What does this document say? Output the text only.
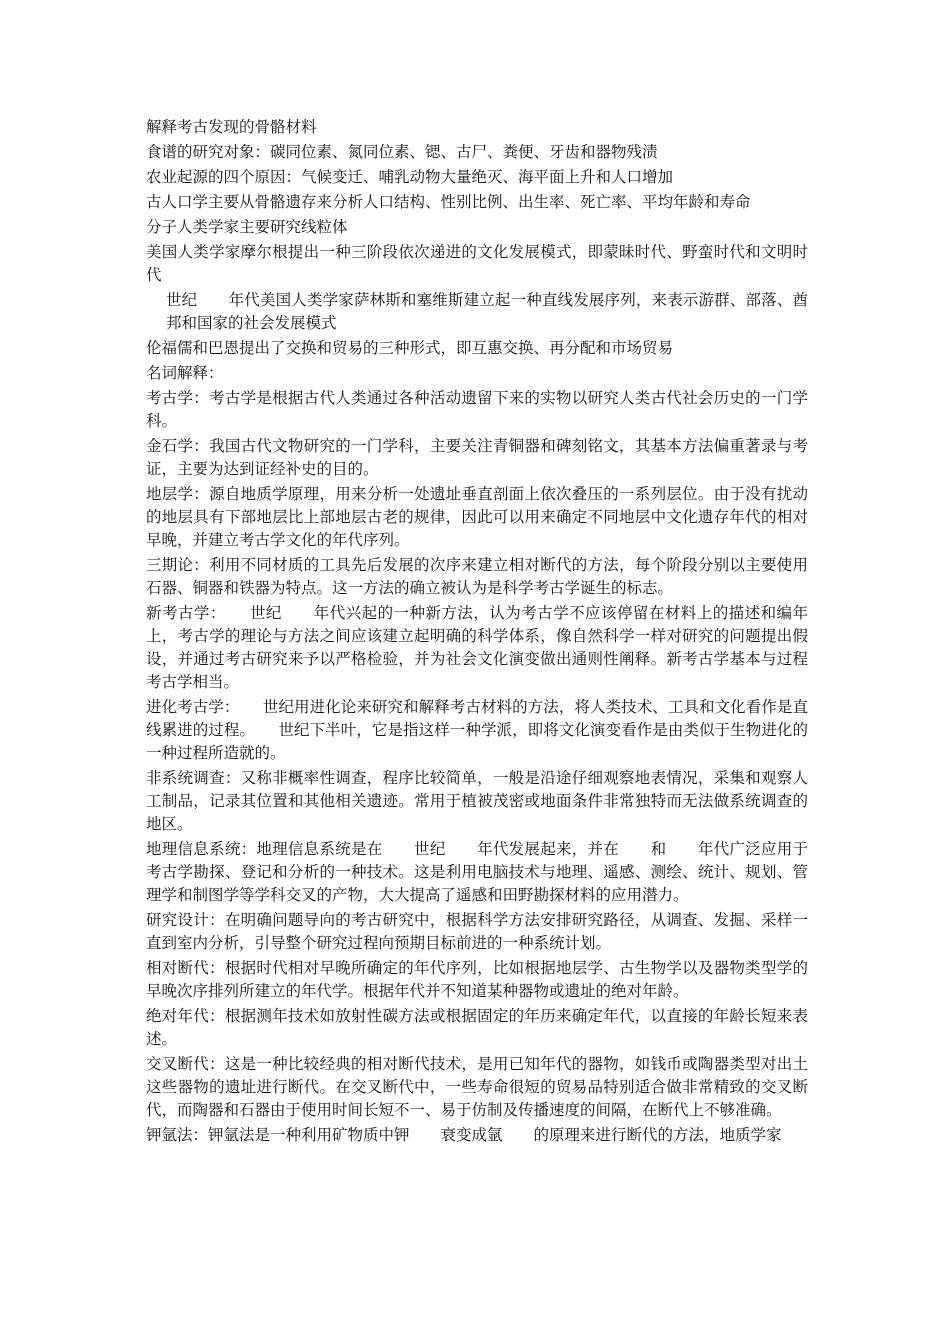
解释考古发现的骨骼材料

食谱的研究对象：碳同位素、氮同位素、锶、古尸、粪便、牙齿和器物残渍

农业起源的四个原因：气候变迁、哺乳动物大量绝灭、海平面上升和人口增加

古人口学主要从骨骼遗存来分析人口结构、性别比例、出生率、死亡率、平均年龄和寿命

分子人类学家主要研究线粒体

美国人类学家摩尔根提出一种三阶段依次递进的文化发展模式，即蒙昧时代、野蛮时代和文明时代

世纪　　年代美国人类学家萨林斯和塞维斯建立起一种直线发展序列，来表示游群、部落、酋邦和国家的社会发展模式

伦福儒和巴恩提出了交换和贸易的三种形式，即互惠交换、再分配和市场贸易

名词解释：

考古学：考古学是根据古代人类通过各种活动遗留下来的实物以研究人类古代社会历史的一门学科。

金石学：我国古代文物研究的一门学科，主要关注青铜器和碑刻铭文，其基本方法偏重著录与考证，主要为达到证经补史的目的。

地层学：源自地质学原理，用来分析一处遗址垂直剖面上依次叠压的一系列层位。由于没有扰动的地层具有下部地层比上部地层古老的规律，因此可以用来确定不同地层中文化遗存年代的相对早晚，并建立考古学文化的年代序列。

三期论：利用不同材质的工具先后发展的次序来建立相对断代的方法，每个阶段分别以主要使用石器、铜器和铁器为特点。这一方法的确立被认为是科学考古学诞生的标志。

新考古学：　　世纪　　年代兴起的一种新方法，认为考古学不应该停留在材料上的描述和编年上，考古学的理论与方法之间应该建立起明确的科学体系，像自然科学一样对研究的问题提出假设，并通过考古研究来予以严格检验，并为社会文化演变做出通则性阐释。新考古学基本与过程考古学相当。

进化考古学：　　世纪用进化论来研究和解释考古材料的方法，将人类技术、工具和文化看作是直线累进的过程。　　世纪下半叶，它是指这样一种学派，即将文化演变看作是由类似于生物进化的一种过程所造就的。

非系统调查：又称非概率性调查，程序比较简单，一般是沿途仔细观察地表情况，采集和观察人工制品，记录其位置和其他相关遗迹。常用于植被茂密或地面条件非常独特而无法做系统调查的地区。

地理信息系统：地理信息系统是在　　世纪　　年代发展起来，并在　　和　　年代广泛应用于考古学勘探、登记和分析的一种技术。这是利用电脑技术与地理、遥感、测绘、统计、规划、管理学和制图学等学科交叉的产物，大大提高了遥感和田野勘探材料的应用潜力。

研究设计：在明确问题导向的考古研究中，根据科学方法安排研究路径，从调查、发掘、采样一直到室内分析，引导整个研究过程向预期目标前进的一种系统计划。

相对断代：根据时代相对早晚所确定的年代序列，比如根据地层学、古生物学以及器物类型学的早晚次序排列所建立的年代学。根据年代并不知道某种器物或遗址的绝对年龄。

绝对年代：根据测年技术如放射性碳方法或根据固定的年历来确定年代，以直接的年龄长短来表述。

交叉断代：这是一种比较经典的相对断代技术，是用已知年代的器物，如钱币或陶器类型对出土这些器物的遗址进行断代。在交叉断代中，一些寿命很短的贸易品特别适合做非常精致的交叉断代，而陶器和石器由于使用时间长短不一、易于仿制及传播速度的间隔，在断代上不够准确。

钾氩法：钾氩法是一种利用矿物质中钾　　衰变成氩　　的原理来进行断代的方法，地质学家
